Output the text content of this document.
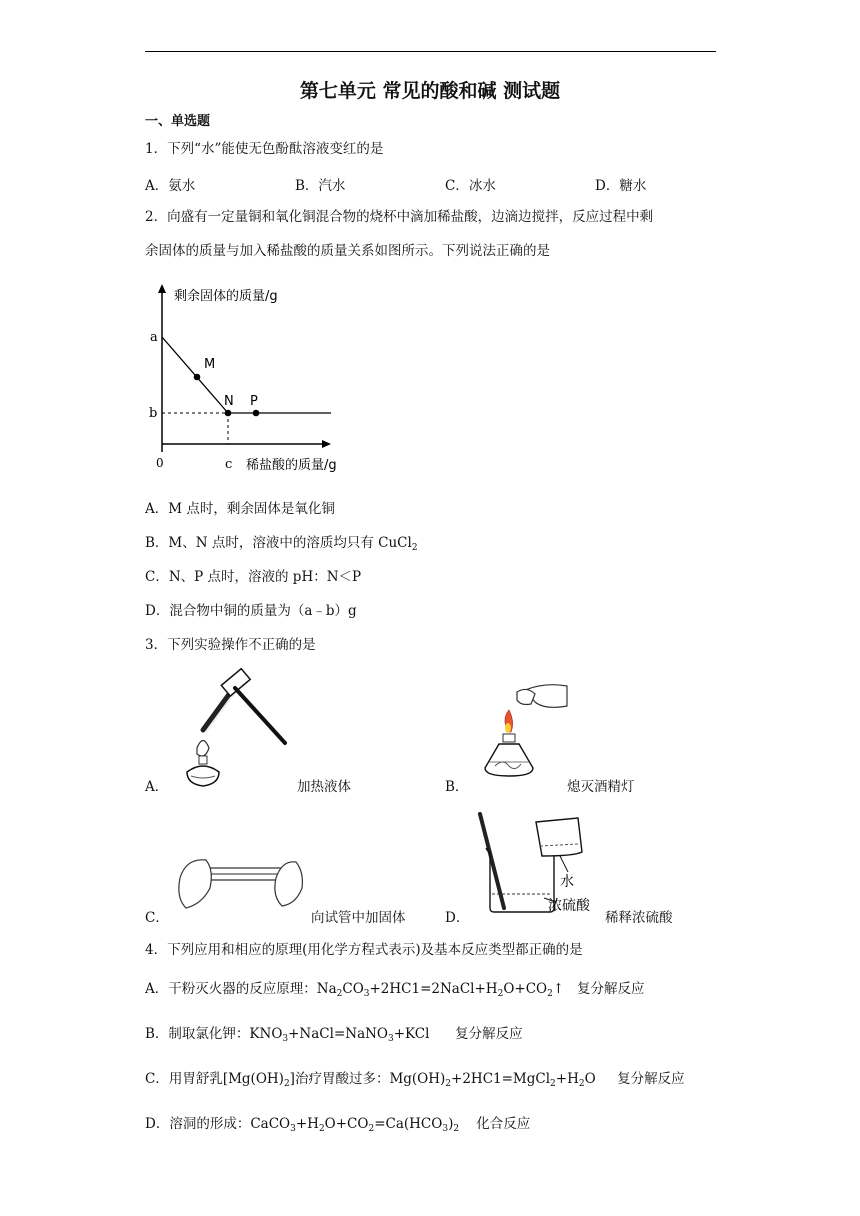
第七单元 常见的酸和碱 测试题
一、单选题
1．下列“水”能使无色酚酞溶液变红的是
A．氨水	B．汽水	C．冰水	D．糖水
2．向盛有一定量铜和氧化铜混合物的烧杯中滴加稀盐酸，边滴边搅拌，反应过程中剩
余固体的质量与加入稀盐酸的质量关系如图所示。下列说法正确的是
剩余固体的质量/g
稀盐酸的质量/g
0
a
b
c
M
N P
A．M 点时，剩余固体是氧化铜
B．M、N 点时，溶液中的溶质均只有 CuCl$_2$
C．N、P 点时，溶液的 pH：N＜P
D．混合物中铜的质量为（a﹣b）g
3．下列实验操作不正确的是
A．	加热液体	B．	熄灭酒精灯
C．	向试管中加固体
水
浓硫酸
D．	稀释浓硫酸
4．下列应用和相应的原理(用化学方程式表示)及基本反应类型都正确的是
A．干粉灭火器的反应原理：$Na_2CO_3+2HC1=2NaCl+H_2O+CO_2↑$   复分解反应
B．制取氯化钾：$KNO_3+NaCl=NaNO_3+KCl$      复分解反应
C．用胃舒乳$[Mg(OH)_2]$治疗胃酸过多：$Mg(OH)_2+2HC1=MgCl_2+H_2O$     复分解反应
D．溶洞的形成：$CaCO_3+H_2O+CO_2=Ca(HCO_3)_2$ 化合反应
